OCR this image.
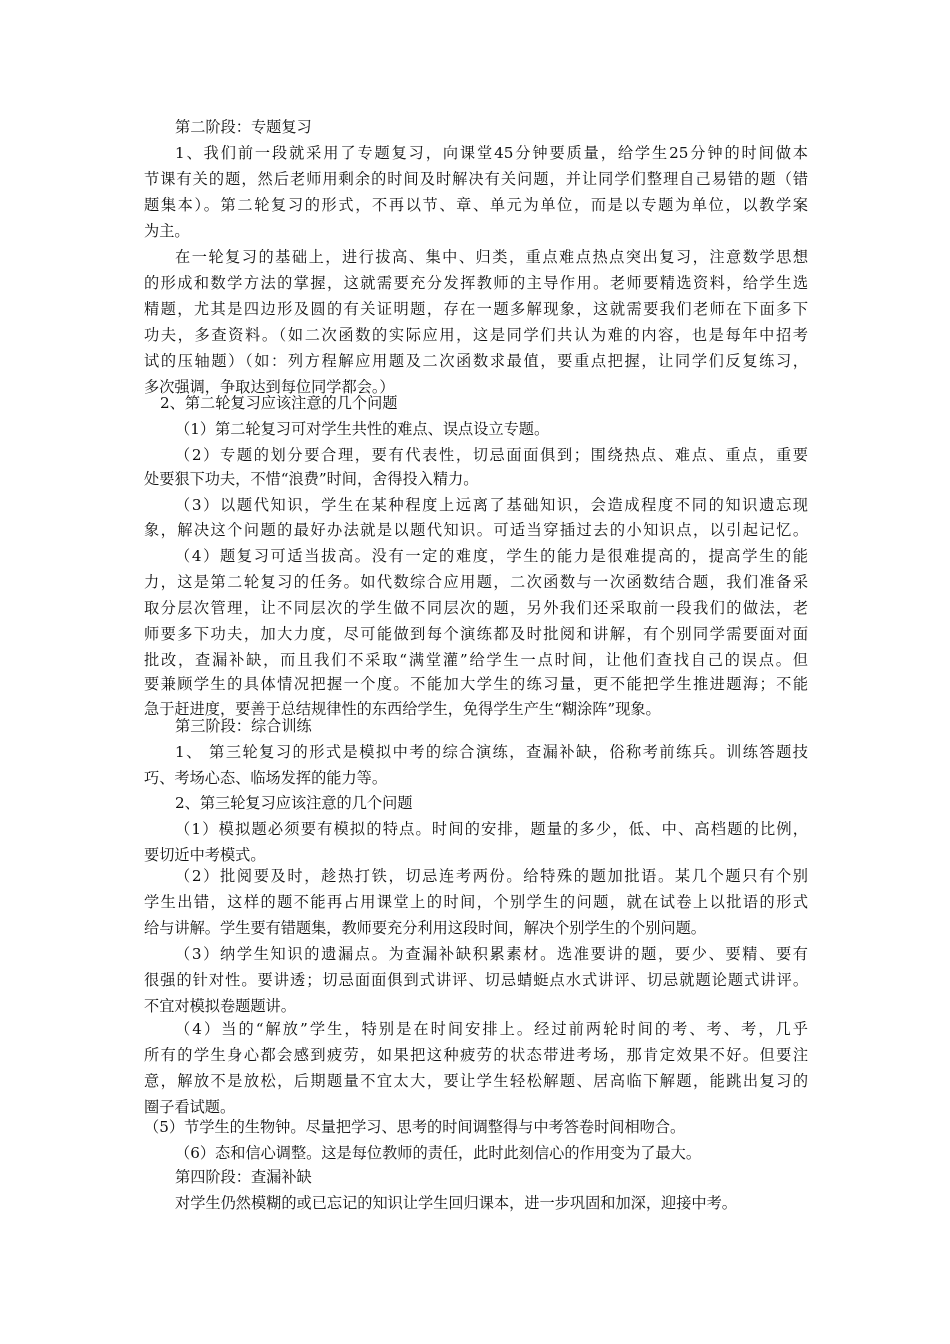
第二阶段：专题复习
1、我们前一段就采用了专题复习，向课堂45分钟要质量，给学生25分钟的时间做本
节课有关的题，然后老师用剩余的时间及时解决有关问题，并让同学们整理自己易错的题（错
题集本）。第二轮复习的形式，不再以节、章、单元为单位，而是以专题为单位，以教学案
为主。
在一轮复习的基础上，进行拔高、集中、归类，重点难点热点突出复习，注意数学思想
的形成和数学方法的掌握，这就需要充分发挥教师的主导作用。老师要精选资料，给学生选
精题，尤其是四边形及圆的有关证明题，存在一题多解现象，这就需要我们老师在下面多下
功夫，多查资料。（如二次函数的实际应用，这是同学们共认为难的内容，也是每年中招考
试的压轴题）（如：列方程解应用题及二次函数求最值，要重点把握，让同学们反复练习，
多次强调，争取达到每位同学都会。）
2、第二轮复习应该注意的几个问题
（1）第二轮复习可对学生共性的难点、误点设立专题。
（2）专题的划分要合理，要有代表性，切忌面面俱到；围绕热点、难点、重点，重要
处要狠下功夫，不惜“浪费”时间，舍得投入精力。
（3）以题代知识，学生在某种程度上远离了基础知识，会造成程度不同的知识遗忘现
象，解决这个问题的最好办法就是以题代知识。可适当穿插过去的小知识点，以引起记忆。
（4）题复习可适当拔高。没有一定的难度，学生的能力是很难提高的，提高学生的能
力，这是第二轮复习的任务。如代数综合应用题，二次函数与一次函数结合题，我们准备采
取分层次管理，让不同层次的学生做不同层次的题，另外我们还采取前一段我们的做法，老
师要多下功夫，加大力度，尽可能做到每个演练都及时批阅和讲解，有个别同学需要面对面
批改，查漏补缺，而且我们不采取“满堂灌”给学生一点时间，让他们查找自己的误点。但
要兼顾学生的具体情况把握一个度。不能加大学生的练习量，更不能把学生推进题海；不能
急于赶进度，要善于总结规律性的东西给学生，免得学生产生“糊涂阵”现象。
第三阶段：综合训练
1、 第三轮复习的形式是模拟中考的综合演练，查漏补缺，俗称考前练兵。训练答题技
巧、考场心态、临场发挥的能力等。
2、第三轮复习应该注意的几个问题
（1）模拟题必须要有模拟的特点。时间的安排，题量的多少，低、中、高档题的比例，
要切近中考模式。
（2）批阅要及时，趁热打铁，切忌连考两份。给特殊的题加批语。某几个题只有个别
学生出错，这样的题不能再占用课堂上的时间，个别学生的问题，就在试卷上以批语的形式
给与讲解。学生要有错题集，教师要充分利用这段时间，解决个别学生的个别问题。
（3）纳学生知识的遗漏点。为查漏补缺积累素材。选准要讲的题，要少、要精、要有
很强的针对性。要讲透；切忌面面俱到式讲评、切忌蜻蜓点水式讲评、切忌就题论题式讲评。
不宜对模拟卷题题讲。
（4）当的“解放”学生，特别是在时间安排上。经过前两轮时间的考、考、考，几乎
所有的学生身心都会感到疲劳，如果把这种疲劳的状态带进考场，那肯定效果不好。但要注
意，解放不是放松，后期题量不宜太大，要让学生轻松解题、居高临下解题，能跳出复习的
圈子看试题。
（5）节学生的生物钟。尽量把学习、思考的时间调整得与中考答卷时间相吻合。
（6）态和信心调整。这是每位教师的责任，此时此刻信心的作用变为了最大。
第四阶段：查漏补缺
对学生仍然模糊的或已忘记的知识让学生回归课本，进一步巩固和加深，迎接中考。
